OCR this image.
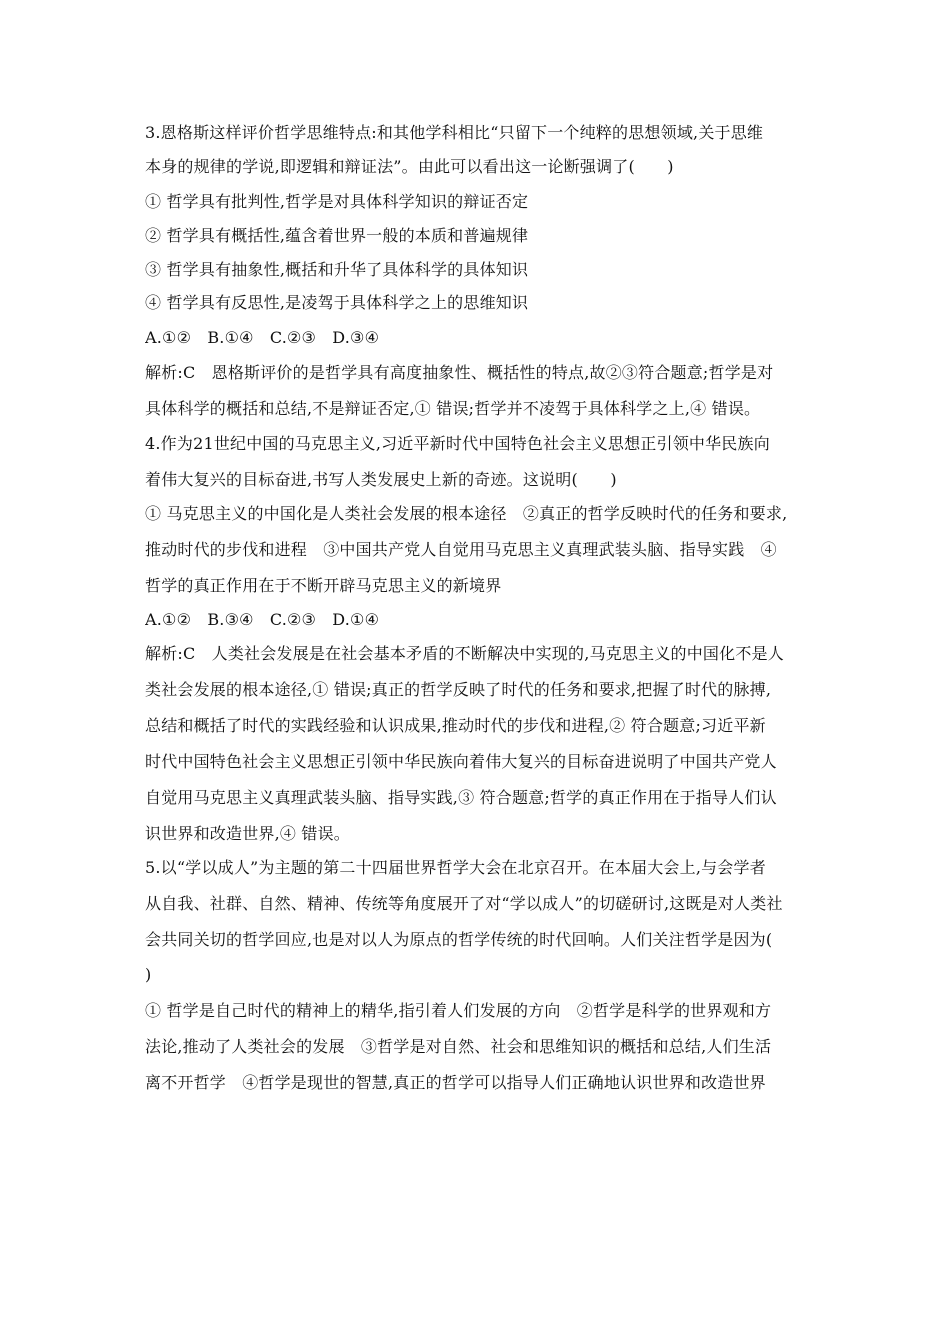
3.恩格斯这样评价哲学思维特点:和其他学科相比“只留下一个纯粹的思想领域,关于思维
本身的规律的学说,即逻辑和辩证法”。由此可以看出这一论断强调了(　　)
① 哲学具有批判性,哲学是对具体科学知识的辩证否定
② 哲学具有概括性,蕴含着世界一般的本质和普遍规律
③ 哲学具有抽象性,概括和升华了具体科学的具体知识
④ 哲学具有反思性,是凌驾于具体科学之上的思维知识
A.①②　B.①④　C.②③　D.③④
解析:C　恩格斯评价的是哲学具有高度抽象性、概括性的特点,故②③符合题意;哲学是对
具体科学的概括和总结,不是辩证否定,① 错误;哲学并不凌驾于具体科学之上,④ 错误。
4.作为21世纪中国的马克思主义,习近平新时代中国特色社会主义思想正引领中华民族向
着伟大复兴的目标奋进,书写人类发展史上新的奇迹。这说明(　　)
① 马克思主义的中国化是人类社会发展的根本途径　②真正的哲学反映时代的任务和要求,
推动时代的步伐和进程　③中国共产党人自觉用马克思主义真理武装头脑、指导实践　④
哲学的真正作用在于不断开辟马克思主义的新境界
A.①②　B.③④　C.②③　D.①④
解析:C　人类社会发展是在社会基本矛盾的不断解决中实现的,马克思主义的中国化不是人
类社会发展的根本途径,① 错误;真正的哲学反映了时代的任务和要求,把握了时代的脉搏,
总结和概括了时代的实践经验和认识成果,推动时代的步伐和进程,② 符合题意;习近平新
时代中国特色社会主义思想正引领中华民族向着伟大复兴的目标奋进说明了中国共产党人
自觉用马克思主义真理武装头脑、指导实践,③ 符合题意;哲学的真正作用在于指导人们认
识世界和改造世界,④ 错误。
5.以“学以成人”为主题的第二十四届世界哲学大会在北京召开。在本届大会上,与会学者
从自我、社群、自然、精神、传统等角度展开了对“学以成人”的切磋研讨,这既是对人类社
会共同关切的哲学回应,也是对以人为原点的哲学传统的时代回响。人们关注哲学是因为(
)
① 哲学是自己时代的精神上的精华,指引着人们发展的方向　②哲学是科学的世界观和方
法论,推动了人类社会的发展　③哲学是对自然、社会和思维知识的概括和总结,人们生活
离不开哲学　④哲学是现世的智慧,真正的哲学可以指导人们正确地认识世界和改造世界
